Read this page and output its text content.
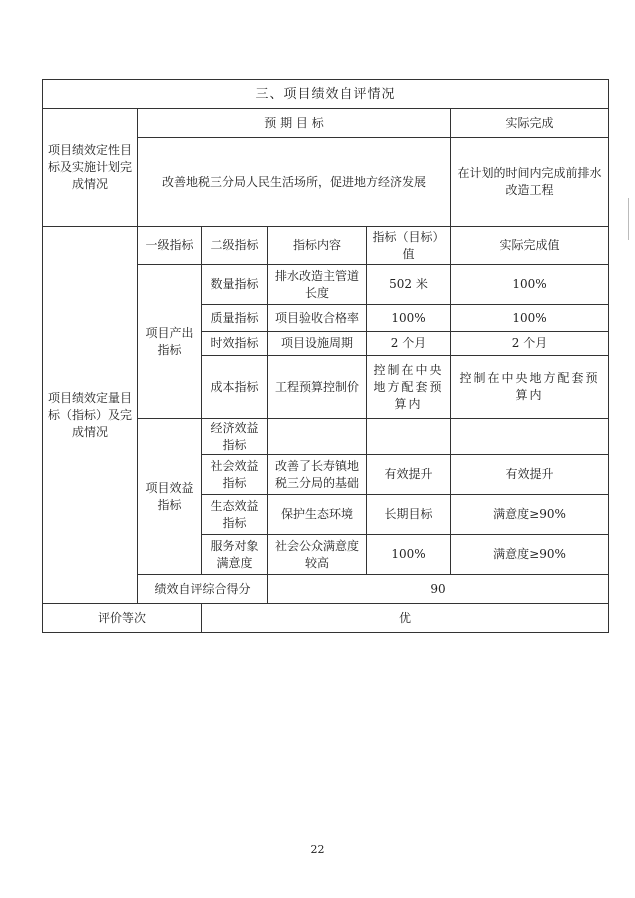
三、项目绩效自评情况					
项目绩效定性目标及实施计划完成情况	预 期 目 标				实际完成
	改善地税三分局人民生活场所，促进地方经济发展				在计划的时间内完成前排水改造工程
项目绩效定量目标（指标）及完成情况	一级指标	二级指标	指标内容	指标（目标）值	实际完成值
	项目产出指标	数量指标	排水改造主管道长度	502 米	100%
		质量指标	项目验收合格率	100%	100%
		时效指标	项目设施周期	2 个月	2 个月
		成本指标	工程预算控制价	控制在中央地方配套预算内	控制在中央地方配套预算内
	项目效益指标	经济效益指标			
		社会效益指标	改善了长寿镇地税三分局的基础	有效提升	有效提升
		生态效益指标	保护生态环境	长期目标	满意度≥90%
		服务对象满意度	社会公众满意度较高	100%	满意度≥90%
	绩效自评综合得分		90		
评价等次		优			
22
